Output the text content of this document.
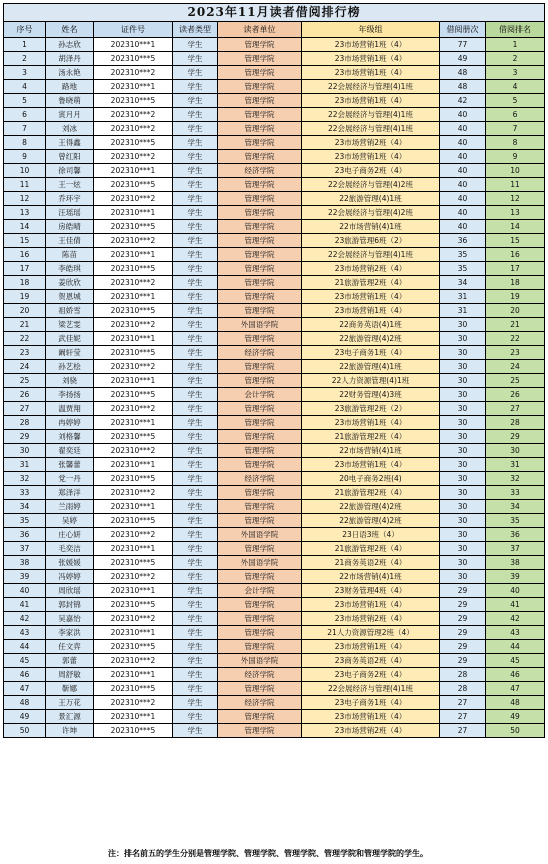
2023年11月读者借阅排行榜							
序号	姓名	证件号	读者类型	读者单位	年级组	借阅册次	借阅排名
1	孙志欣	202310***1	学生	管理学院	23市场营销1班（4）	77	1
2	胡泽丹	202310***5	学生	管理学院	23市场营销1班（4）	49	2
3	汤永艳	202310***2	学生	管理学院	23市场营销1班（4）	48	3
4	路地	202310***1	学生	管理学院	22会展经济与管理(4)1班	48	4
5	鲁晓萌	202310***5	学生	管理学院	23市场营销1班（4）	42	5
6	寅月月	202310***2	学生	管理学院	22会展经济与管理(4)1班	40	6
7	刘冰	202310***2	学生	管理学院	22会展经济与管理(4)1班	40	7
8	王得鑫	202310***5	学生	管理学院	23市场营销2班（4）	40	8
9	曾红阳	202310***2	学生	管理学院	23市场营销1班（4）	40	9
10	徐司馨	202310***1	学生	经济学院	23电子商务2班（4）	40	10
11	王一炫	202310***5	学生	管理学院	22会展经济与管理(4)2班	40	11
12	乔环宇	202310***2	学生	管理学院	22旅游管理(4)1班	40	12
13	汪瑶瑶	202310***1	学生	管理学院	22会展经济与管理(4)2班	40	13
14	房皓晴	202310***5	学生	管理学院	22市场营销(4)1班	40	14
15	王佳倩	202310***2	学生	管理学院	23旅游管理6班（2）	36	15
16	陈苗	202310***1	学生	管理学院	22会展经济与管理(4)1班	35	16
17	李皓琪	202310***5	学生	管理学院	23市场营销2班（4）	35	17
18	姜欣欣	202310***2	学生	管理学院	21旅游管理2班（4）	34	18
19	贺恩城	202310***1	学生	管理学院	23市场营销1班（4）	31	19
20	祖娇雪	202310***5	学生	管理学院	23市场营销1班（4）	31	20
21	梁艺雯	202310***2	学生	外国语学院	22商务英语(4)1班	30	21
22	武佳妮	202310***1	学生	管理学院	22旅游管理(4)2班	30	22
23	阚轩莹	202310***5	学生	经济学院	23电子商务1班（4）	30	23
24	孙艺桧	202310***2	学生	管理学院	22旅游管理(4)1班	30	24
25	刘骁	202310***1	学生	管理学院	22人力资源管理(4)1班	30	25
26	李扬扬	202310***5	学生	会计学院	22财务管理(4)3班	30	26
27	温贾翔	202310***2	学生	管理学院	23旅游管理2班（2）	30	27
28	冉婷婷	202310***1	学生	管理学院	23市场营销1班（4）	30	28
29	刘格馨	202310***5	学生	管理学院	21旅游管理2班（4）	30	29
30	翟奕廷	202310***2	学生	管理学院	22市场营销(4)1班	30	30
31	张馨蕾	202310***1	学生	管理学院	23市场营销1班（4）	30	31
32	党一丹	202310***5	学生	经济学院	20电子商务2班(4)	30	32
33	郑泽洋	202310***2	学生	管理学院	21旅游管理2班（4）	30	33
34	兰雨婷	202310***1	学生	管理学院	22旅游管理(4)2班	30	34
35	吴婷	202310***5	学生	管理学院	22旅游管理(4)2班	30	35
36	庄心妍	202310***2	学生	外国语学院	23日语3班（4）	30	36
37	毛奕洁	202310***1	学生	管理学院	21旅游管理2班（4）	30	37
38	张媛媛	202310***5	学生	外国语学院	21商务英语2班（4）	30	38
39	冯婷婷	202310***2	学生	管理学院	22市场营销(4)1班	30	39
40	周欣瑶	202310***1	学生	会计学院	23财务管理4班（4）	29	40
41	郭封锦	202310***5	学生	管理学院	23市场营销1班（4）	29	41
42	吴嘉怡	202310***2	学生	管理学院	23市场营销2班（4）	29	42
43	李家洪	202310***1	学生	管理学院	21人力资源管理2班（4）	29	43
44	任文弈	202310***5	学生	管理学院	23市场营销1班（4）	29	44
45	郭蕾	202310***2	学生	外国语学院	23商务英语2班（4）	29	45
46	周舒敏	202310***1	学生	经济学院	23电子商务2班（4）	28	46
47	靳娜	202310***5	学生	管理学院	22会展经济与管理(4)1班	28	47
48	王万花	202310***2	学生	经济学院	23电子商务1班（4）	27	48
49	景汇源	202310***1	学生	管理学院	23市场营销1班（4）	27	49
50	许坤	202310***5	学生	管理学院	23市场营销2班（4）	27	50
注：排名前五的学生分别是管理学院、管理学院、管理学院、管理学院和管理学院的学生。
